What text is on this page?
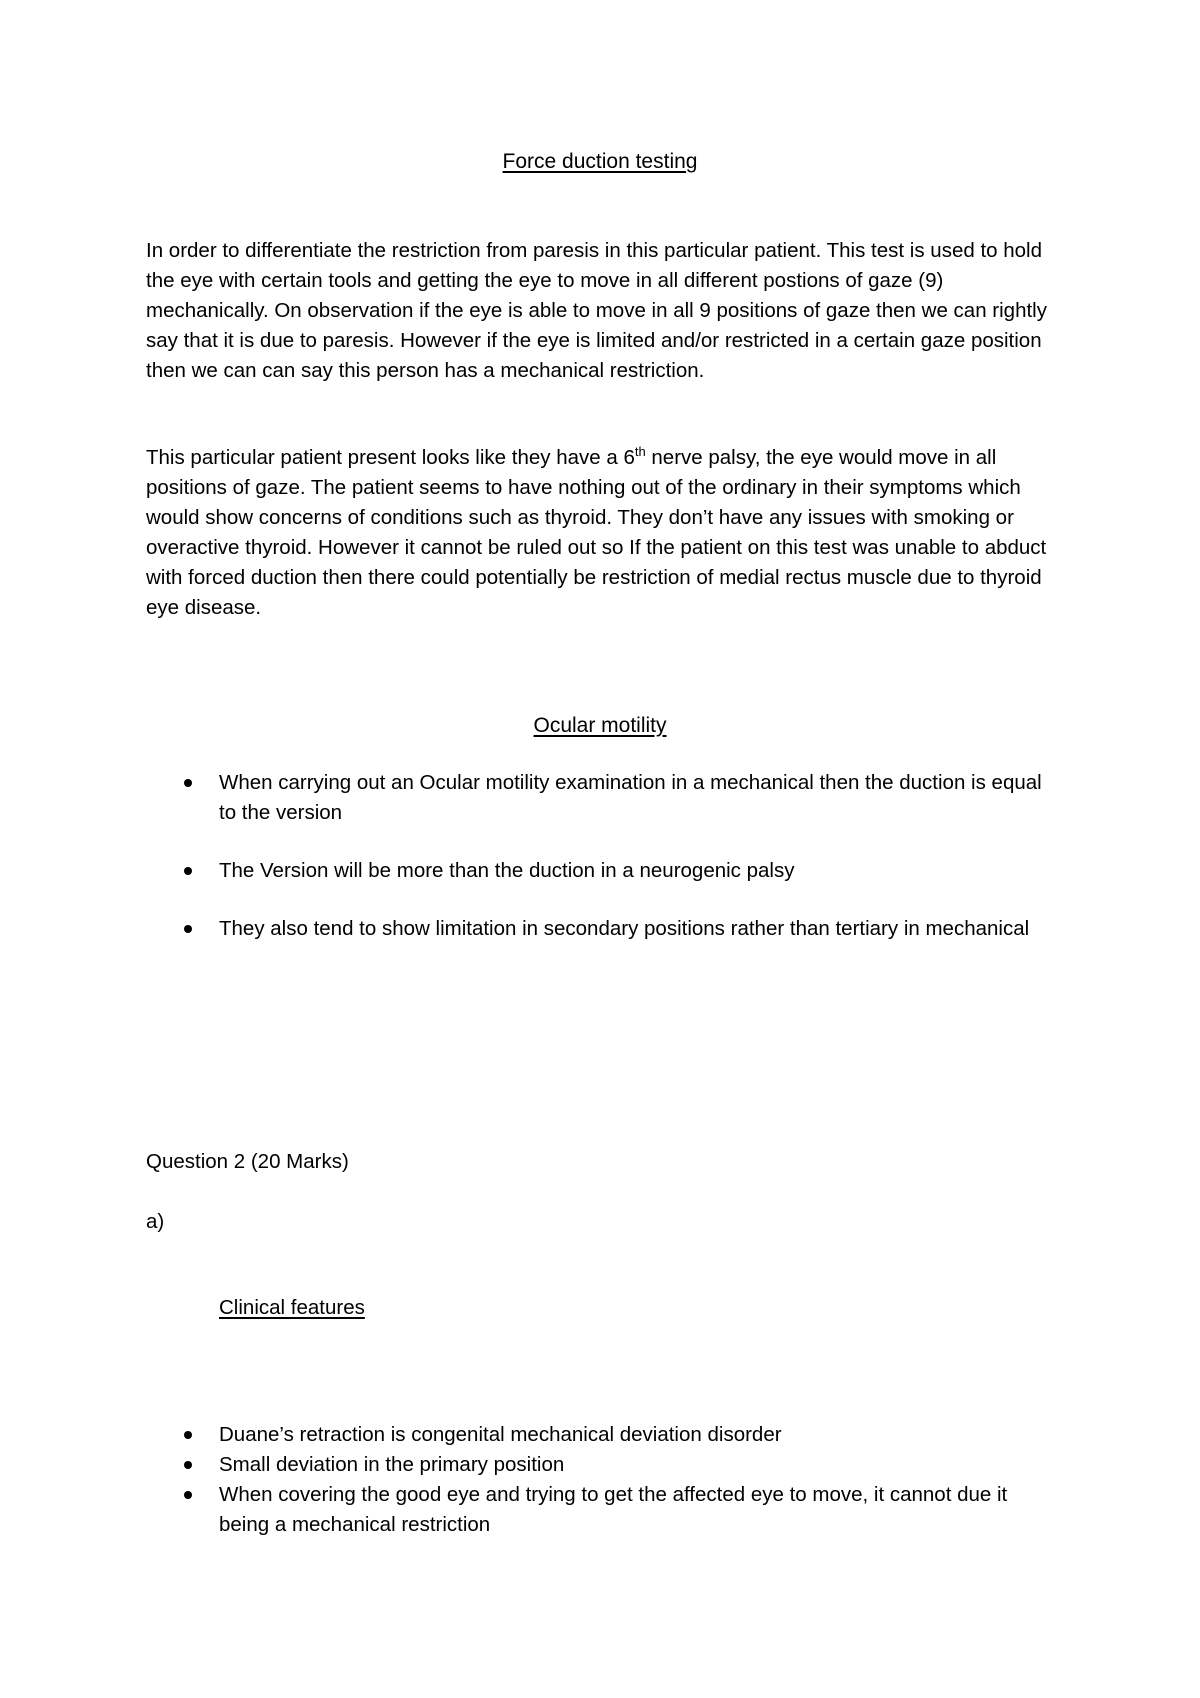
Force duction testing

In order to differentiate the restriction from paresis in this particular patient. This test is used to hold the eye with certain tools and getting the eye to move in all different postions of gaze (9) mechanically. On observation if the eye is able to move in all 9 positions of gaze then we can rightly say that it is due to paresis. However if the eye is limited and/or restricted in a certain gaze position then we can can say this person has a mechanical restriction.

This particular patient present looks like they have a 6th nerve palsy, the eye would move in all positions of gaze. The patient seems to have nothing out of the ordinary in their symptoms which would show concerns of conditions such as thyroid. They don’t have any issues with smoking or overactive thyroid. However it cannot be ruled out so If the patient on this test was unable to abduct with forced duction then there could potentially be restriction of medial rectus muscle due to thyroid eye disease.

Ocular motility
When carrying out an Ocular motility examination in a mechanical then the duction is equal to the version
The Version will be more than the duction in a neurogenic palsy
They also tend to show limitation in secondary positions rather than tertiary in mechanical

Question 2 (20 Marks)

a)

Clinical features

Duane’s retraction is congenital mechanical deviation disorder
Small deviation in the primary position
When covering the good eye and trying to get the affected eye to move, it cannot due it being a mechanical restriction
